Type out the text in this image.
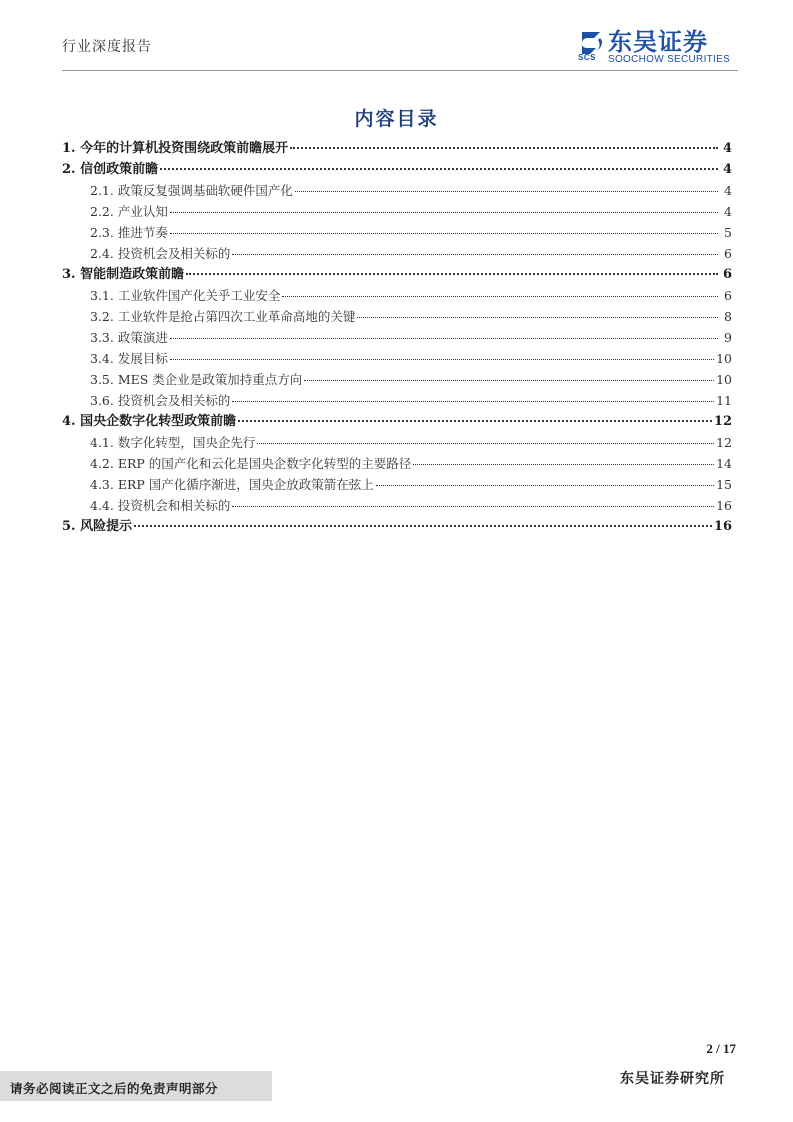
行业深度报告
SCS
东吴证券
SOOCHOW SECURITIES
内容目录
1. 今年的计算机投资围绕政策前瞻展开	4
2. 信创政策前瞻	4
2.1. 政策反复强调基础软硬件国产化	4
2.2. 产业认知	4
2.3. 推进节奏	5
2.4. 投资机会及相关标的	6
3. 智能制造政策前瞻	6
3.1. 工业软件国产化关乎工业安全	6
3.2. 工业软件是抢占第四次工业革命高地的关键	8
3.3. 政策演进	9
3.4. 发展目标	10
3.5. MES 类企业是政策加持重点方向	10
3.6. 投资机会及相关标的	11
4. 国央企数字化转型政策前瞻	12
4.1. 数字化转型，国央企先行	12
4.2. ERP 的国产化和云化是国央企数字化转型的主要路径	14
4.3. ERP 国产化循序渐进，国央企放政策箭在弦上	15
4.4. 投资机会和相关标的	16
5. 风险提示	16
2 / 17
请务必阅读正文之后的免责声明部分
东吴证券研究所
